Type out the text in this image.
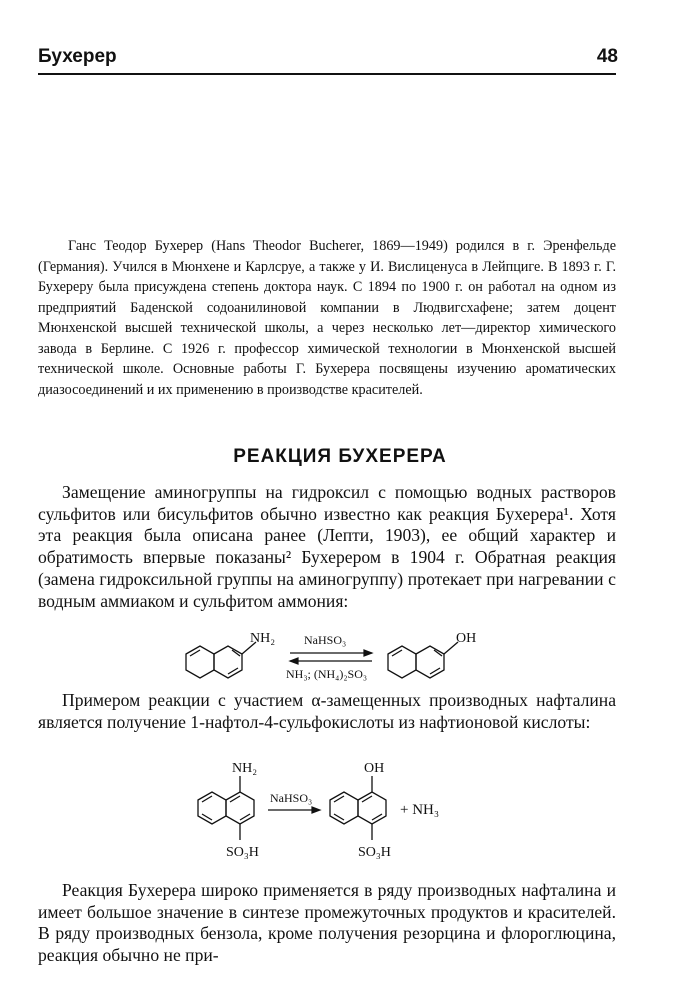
Бухерер	48

Ганс Теодор Бухерер (Hans Theodor Bucherer, 1869—1949) родился в г. Эренфельде (Германия). Учился в Мюнхене и Карлсруе, а также у И. Вислиценуса в Лейпциге. В 1893 г. Г. Бухереру была присуждена степень доктора наук. С 1894 по 1900 г. он работал на одном из предприятий Баденской содоанилиновой компании в Людвигсхафене; затем доцент Мюнхенской высшей технической школы, а через несколько лет—директор химического завода в Берлине. С 1926 г. профессор химической технологии в Мюнхенской высшей технической школе. Основные работы Г. Бухерера посвящены изучению ароматических диазосоединений и их применению в производстве красителей.

РЕАКЦИЯ БУХЕРЕРА

Замещение аминогруппы на гидроксил с помощью водных растворов сульфитов или бисульфитов обычно известно как реакция Бухерера¹. Хотя эта реакция была описана ранее (Лепти, 1903), ее общий характер и обратимость впервые показаны² Бухерером в 1904 г. Обратная реакция (замена гидроксильной группы на аминогруппу) протекает при нагревании с водным аммиаком и сульфитом аммония:

NH₂ NaHSO₃
NH₃; (NH₄)₂SO₃
OH

Примером реакции с участием α-замещенных производных нафталина является получение 1-нафтол-4-сульфокислоты из нафтионовой кислоты:

NH₂
SO₃H
NaHSO₃
OH
SO₃H
+ NH₃

Реакция Бухерера широко применяется в ряду производных нафталина и имеет большое значение в синтезе промежуточных продуктов и красителей. В ряду производных бензола, кроме получения резорцина и флороглюцина, реакция обычно не при-
